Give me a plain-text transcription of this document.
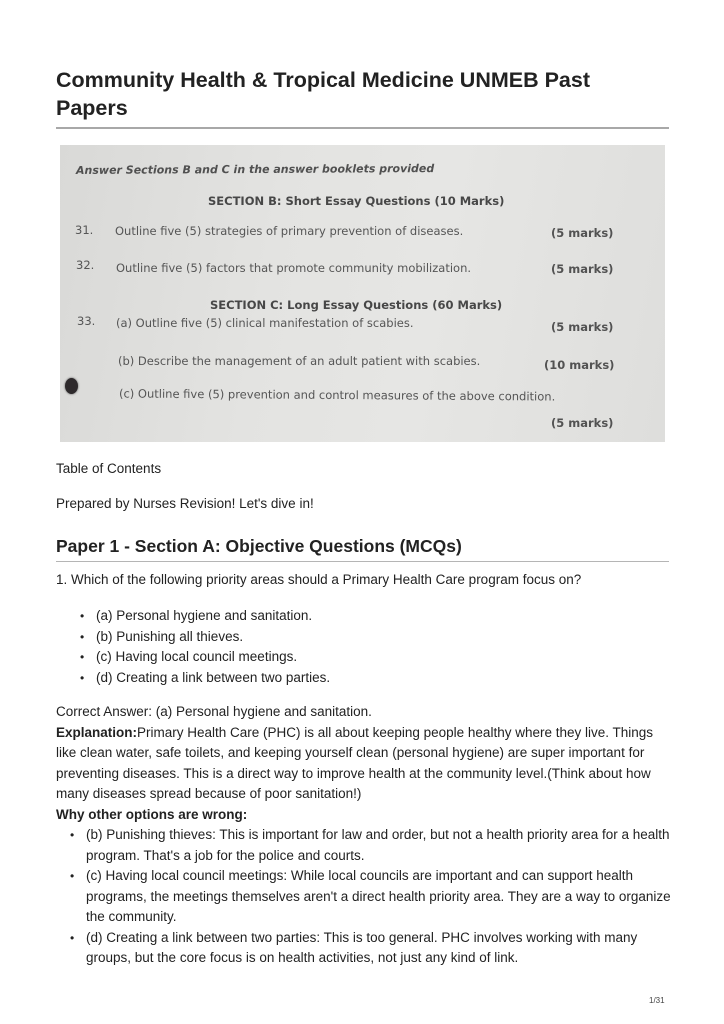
Community Health & Tropical Medicine UNMEB Past Papers
Answer Sections B and C in the answer booklets provided
SECTION B: Short Essay Questions (10 Marks)
31. Outline five (5) strategies of primary prevention of diseases.	(5 marks)
32. Outline five (5) factors that promote community mobilization.	(5 marks)
SECTION C: Long Essay Questions (60 Marks)
33. (a) Outline five (5) clinical manifestation of scabies.	(5 marks)
(b) Describe the management of an adult patient with scabies.	(10 marks)
(c) Outline five (5) prevention and control measures of the above condition.
(5 marks)

Table of Contents

Prepared by Nurses Revision! Let's dive in!

Paper 1 - Section A: Objective Questions (MCQs)

1. Which of the following priority areas should a Primary Health Care program focus on?

• (a) Personal hygiene and sanitation.
• (b) Punishing all thieves.
• (c) Having local council meetings.
• (d) Creating a link between two parties.

Correct Answer: (a) Personal hygiene and sanitation.

Explanation:Primary Health Care (PHC) is all about keeping people healthy where they live. Things like clean water, safe toilets, and keeping yourself clean (personal hygiene) are super important for preventing diseases. This is a direct way to improve health at the community level.(Think about how many diseases spread because of poor sanitation!)

Why other options are wrong:

• (b) Punishing thieves: This is important for law and order, but not a health priority area for a health program. That's a job for the police and courts.
• (c) Having local council meetings: While local councils are important and can support health programs, the meetings themselves aren't a direct health priority area. They are a way to organize the community.
• (d) Creating a link between two parties: This is too general. PHC involves working with many groups, but the core focus is on health activities, not just any kind of link.
1/31
